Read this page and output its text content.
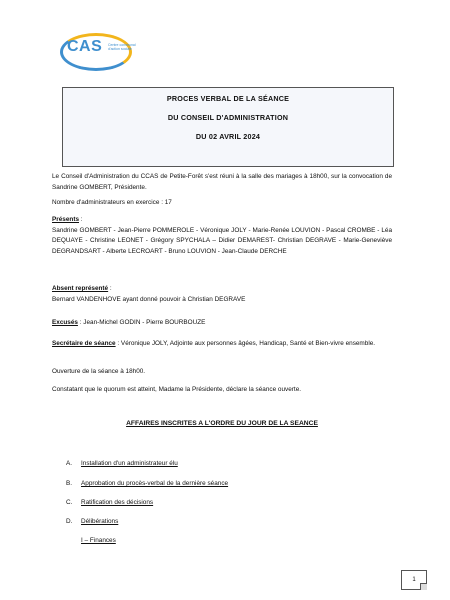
CAS Centre communal d'action sociale
PROCES VERBAL DE LA SÉANCE
DU CONSEIL D'ADMINISTRATION
DU 02 AVRIL 2024
Le Conseil d'Administration du CCAS de Petite-Forêt s'est réuni à la salle des mariages à 18h00, sur la convocation de Sandrine GOMBERT, Présidente.
Nombre d'administrateurs en exercice : 17
Présents :
Sandrine GOMBERT - Jean-Pierre POMMEROLE - Véronique JOLY - Marie-Renée LOUVION - Pascal CROMBE - Léa DEQUAYE - Christine LEONET - Grégory SPYCHALA – Didier DEMAREST- Christian DEGRAVE - Marie-Geneviève DEGRANDSART - Alberte LECROART - Bruno LOUVION - Jean-Claude DERCHE
Absent représenté :
Bernard VANDENHOVE ayant donné pouvoir à Christian DEGRAVE
Excusés : Jean-Michel GODIN - Pierre BOURBOUZE
Secrétaire de séance : Véronique JOLY, Adjointe aux personnes âgées, Handicap, Santé et Bien-vivre ensemble.
Ouverture de la séance à 18h00.
Constatant que le quorum est atteint, Madame la Présidente, déclare la séance ouverte.
AFFAIRES INSCRITES A L'ORDRE DU JOUR DE LA SEANCE
A.	Installation d'un administrateur élu
B.	Approbation du procès-verbal de la dernière séance
C.	Ratification des décisions
D.	Délibérations
I – Finances
1
